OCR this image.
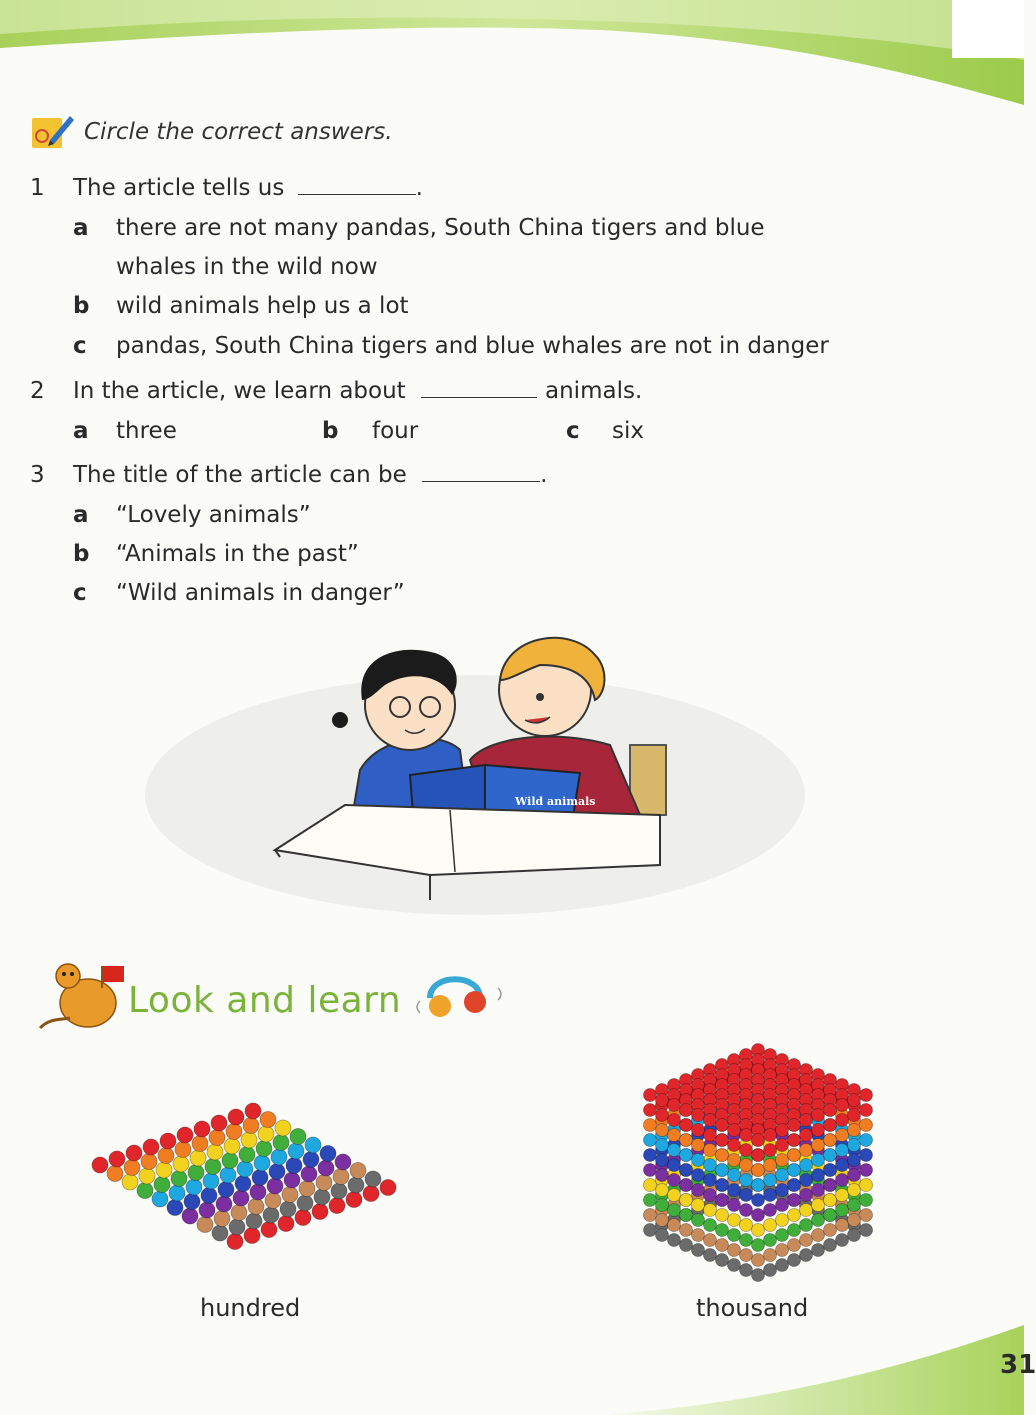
Circle the correct answers.
1	The article tells us	.
a there are not many pandas, South China tigers and blue
whales in the wild now
b wild animals help us a lot
c	pandas, South China tigers and blue whales are not in danger
2	In the article, we learn about	animals.
a three	b four	c	six
3	The title of the article can be	.
a “Lovely animals”
b “Animals in the past”
c	“Wild animals in danger”
Wild animals
Look and learn
hundred	thousand
31
